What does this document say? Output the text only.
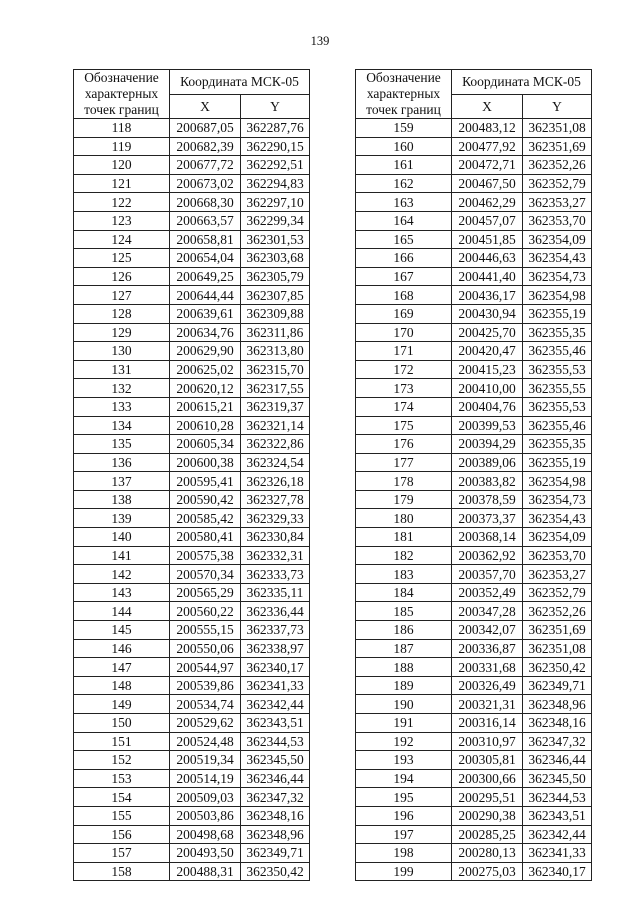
139
Обозначение характерных точек границ	Координата МСК-05	
	X	Y
118	200687,05	362287,76
119	200682,39	362290,15
120	200677,72	362292,51
121	200673,02	362294,83
122	200668,30	362297,10
123	200663,57	362299,34
124	200658,81	362301,53
125	200654,04	362303,68
126	200649,25	362305,79
127	200644,44	362307,85
128	200639,61	362309,88
129	200634,76	362311,86
130	200629,90	362313,80
131	200625,02	362315,70
132	200620,12	362317,55
133	200615,21	362319,37
134	200610,28	362321,14
135	200605,34	362322,86
136	200600,38	362324,54
137	200595,41	362326,18
138	200590,42	362327,78
139	200585,42	362329,33
140	200580,41	362330,84
141	200575,38	362332,31
142	200570,34	362333,73
143	200565,29	362335,11
144	200560,22	362336,44
145	200555,15	362337,73
146	200550,06	362338,97
147	200544,97	362340,17
148	200539,86	362341,33
149	200534,74	362342,44
150	200529,62	362343,51
151	200524,48	362344,53
152	200519,34	362345,50
153	200514,19	362346,44
154	200509,03	362347,32
155	200503,86	362348,16
156	200498,68	362348,96
157	200493,50	362349,71
158	200488,31	362350,42
Обозначение характерных точек границ	Координата МСК-05	
	X	Y
159	200483,12	362351,08
160	200477,92	362351,69
161	200472,71	362352,26
162	200467,50	362352,79
163	200462,29	362353,27
164	200457,07	362353,70
165	200451,85	362354,09
166	200446,63	362354,43
167	200441,40	362354,73
168	200436,17	362354,98
169	200430,94	362355,19
170	200425,70	362355,35
171	200420,47	362355,46
172	200415,23	362355,53
173	200410,00	362355,55
174	200404,76	362355,53
175	200399,53	362355,46
176	200394,29	362355,35
177	200389,06	362355,19
178	200383,82	362354,98
179	200378,59	362354,73
180	200373,37	362354,43
181	200368,14	362354,09
182	200362,92	362353,70
183	200357,70	362353,27
184	200352,49	362352,79
185	200347,28	362352,26
186	200342,07	362351,69
187	200336,87	362351,08
188	200331,68	362350,42
189	200326,49	362349,71
190	200321,31	362348,96
191	200316,14	362348,16
192	200310,97	362347,32
193	200305,81	362346,44
194	200300,66	362345,50
195	200295,51	362344,53
196	200290,38	362343,51
197	200285,25	362342,44
198	200280,13	362341,33
199	200275,03	362340,17
